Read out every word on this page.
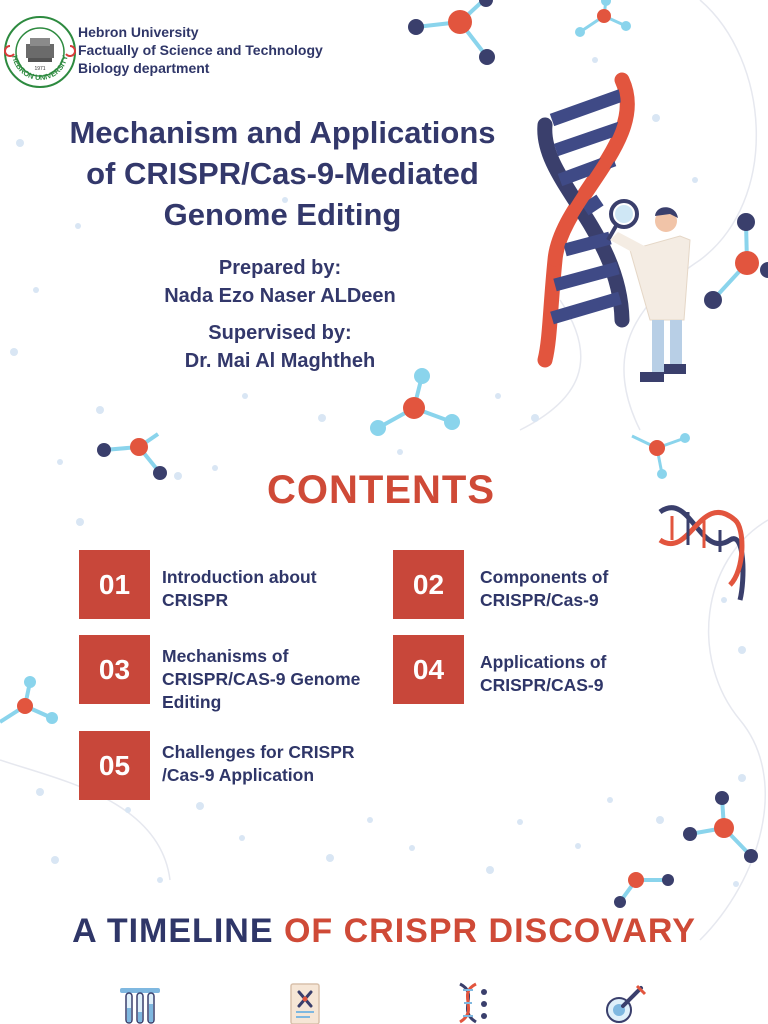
HEBRON UNIVERSITY
1971
Hebron University
Factually of Science and Technology
Biology department
Mechanism and Applications
of CRISPR/Cas-9-Mediated
Genome Editing
Prepared by:
Nada Ezo Naser ALDeen
Supervised by:
Dr. Mai Al Maghtheh
CONTENTS
01	Introduction about
CRISPR
02	Components of
CRISPR/Cas-9
03	Mechanisms of
CRISPR/CAS-9 Genome
Editing
04	Applications of
CRISPR/CAS-9
05	Challenges for CRISPR
/Cas-9 Application
A TIMELINE OF CRISPR DISCOVARY
